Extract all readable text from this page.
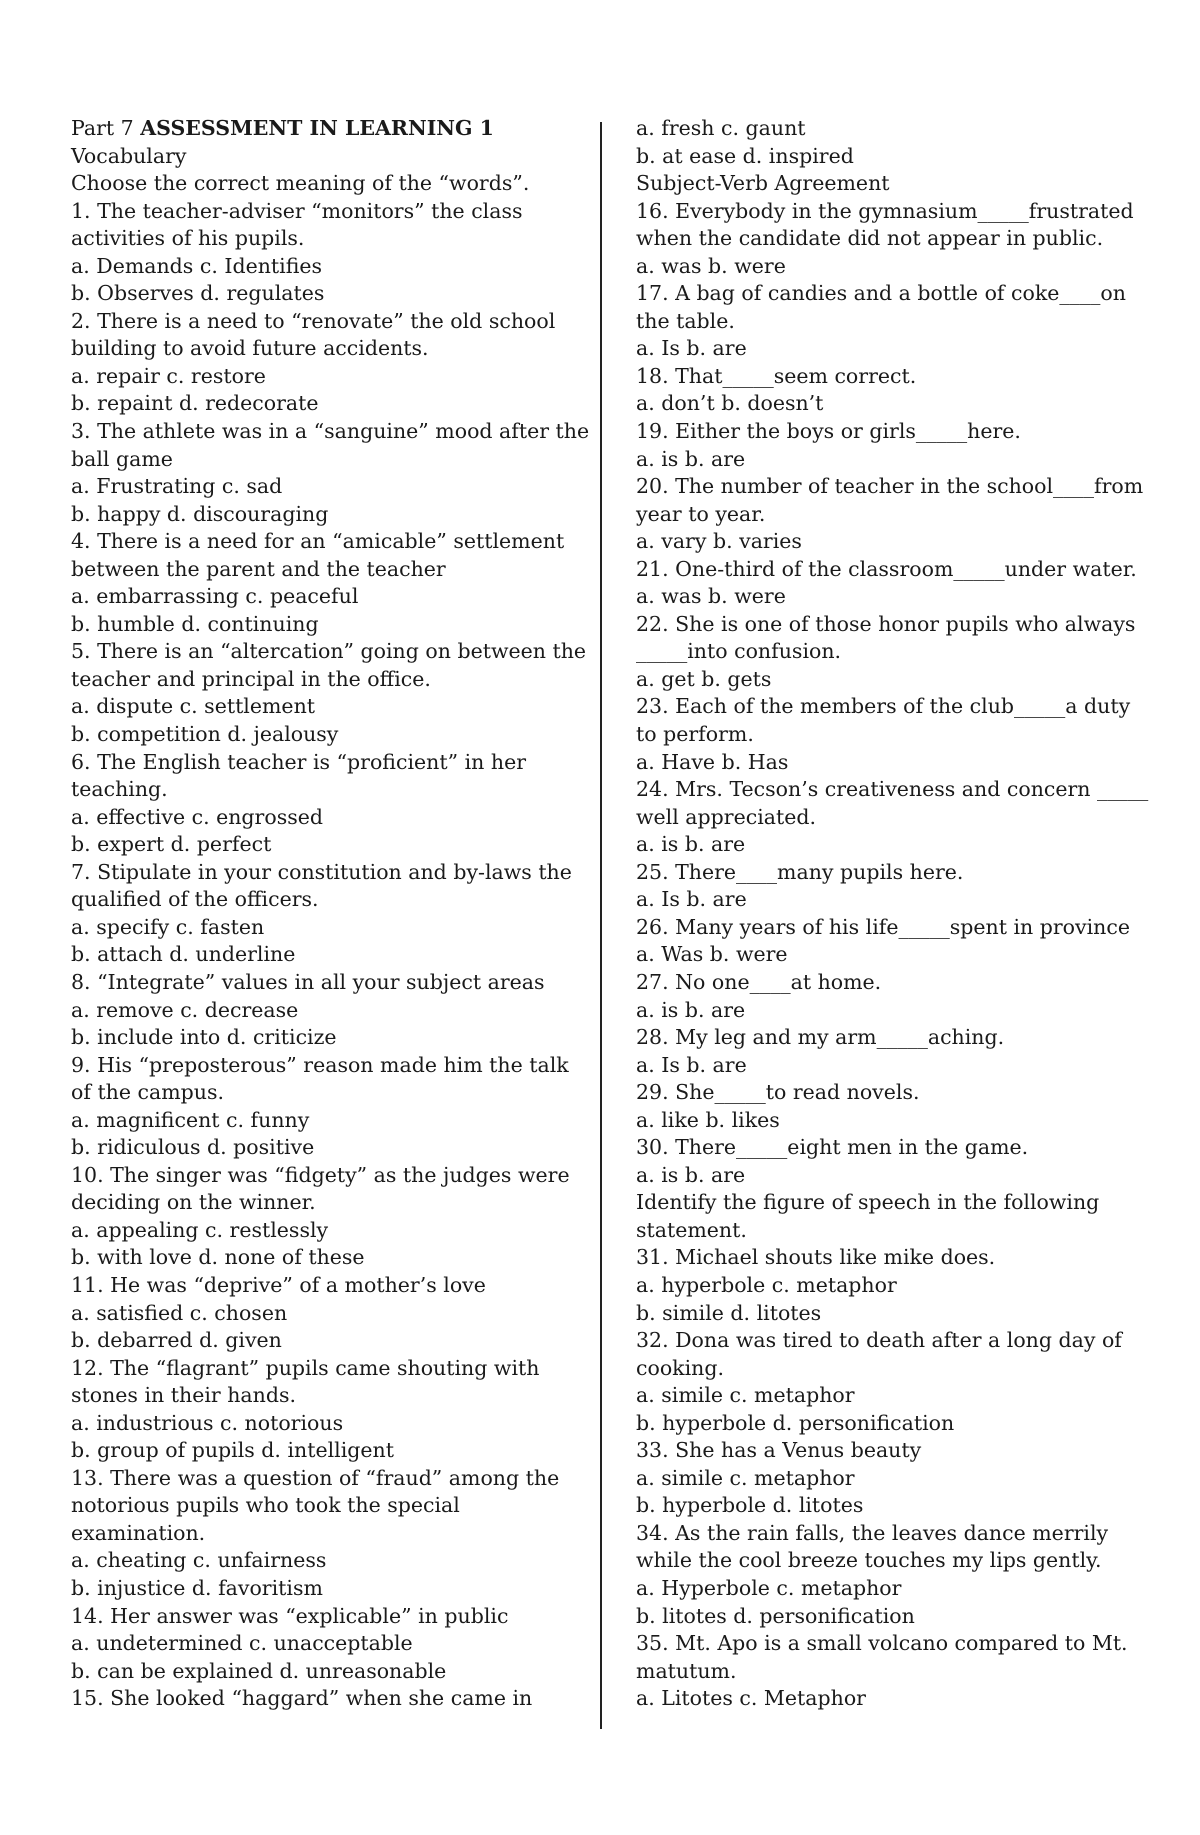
Part 7 ASSESSMENT IN LEARNING 1
Vocabulary
Choose the correct meaning of the “words”.
1. The teacher-adviser “monitors” the class
activities of his pupils.
a. Demands c. Identifies
b. Observes d. regulates
2. There is a need to “renovate” the old school
building to avoid future accidents.
a. repair c. restore
b. repaint d. redecorate
3. The athlete was in a “sanguine” mood after the
ball game
a. Frustrating c. sad
b. happy d. discouraging
4. There is a need for an “amicable” settlement
between the parent and the teacher
a. embarrassing c. peaceful
b. humble d. continuing
5. There is an “altercation” going on between the
teacher and principal in the office.
a. dispute c. settlement
b. competition d. jealousy
6. The English teacher is “proficient” in her
teaching.
a. effective c. engrossed
b. expert d. perfect
7. Stipulate in your constitution and by-laws the
qualified of the officers.
a. specify c. fasten
b. attach d. underline
8. “Integrate” values in all your subject areas
a. remove c. decrease
b. include into d. criticize
9. His “preposterous” reason made him the talk
of the campus.
a. magnificent c. funny
b. ridiculous d. positive
10. The singer was “fidgety” as the judges were
deciding on the winner.
a. appealing c. restlessly
b. with love d. none of these
11. He was “deprive” of a mother’s love
a. satisfied c. chosen
b. debarred d. given
12. The “flagrant” pupils came shouting with
stones in their hands.
a. industrious c. notorious
b. group of pupils d. intelligent
13. There was a question of “fraud” among the
notorious pupils who took the special
examination.
a. cheating c. unfairness
b. injustice d. favoritism
14. Her answer was “explicable” in public
a. undetermined c. unacceptable
b. can be explained d. unreasonable
15. She looked “haggard” when she came in
a. fresh c. gaunt
b. at ease d. inspired
Subject-Verb Agreement
16. Everybody in the gymnasium_____frustrated
when the candidate did not appear in public.
a. was b. were
17. A bag of candies and a bottle of coke____on
the table.
a. Is b. are
18. That_____seem correct.
a. don’t b. doesn’t
19. Either the boys or girls_____here.
a. is b. are
20. The number of teacher in the school____from
year to year.
a. vary b. varies
21. One-third of the classroom_____under water.
a. was b. were
22. She is one of those honor pupils who always
_____into confusion.
a. get b. gets
23. Each of the members of the club_____a duty
to perform.
a. Have b. Has
24. Mrs. Tecson’s creativeness and concern _____
well appreciated.
a. is b. are
25. There____many pupils here.
a. Is b. are
26. Many years of his life_____spent in province
a. Was b. were
27. No one____at home.
a. is b. are
28. My leg and my arm_____aching.
a. Is b. are
29. She_____to read novels.
a. like b. likes
30. There_____eight men in the game.
a. is b. are
Identify the figure of speech in the following
statement.
31. Michael shouts like mike does.
a. hyperbole c. metaphor
b. simile d. litotes
32. Dona was tired to death after a long day of
cooking.
a. simile c. metaphor
b. hyperbole d. personification
33. She has a Venus beauty
a. simile c. metaphor
b. hyperbole d. litotes
34. As the rain falls, the leaves dance merrily
while the cool breeze touches my lips gently.
a. Hyperbole c. metaphor
b. litotes d. personification
35. Mt. Apo is a small volcano compared to Mt.
matutum.
a. Litotes c. Metaphor
